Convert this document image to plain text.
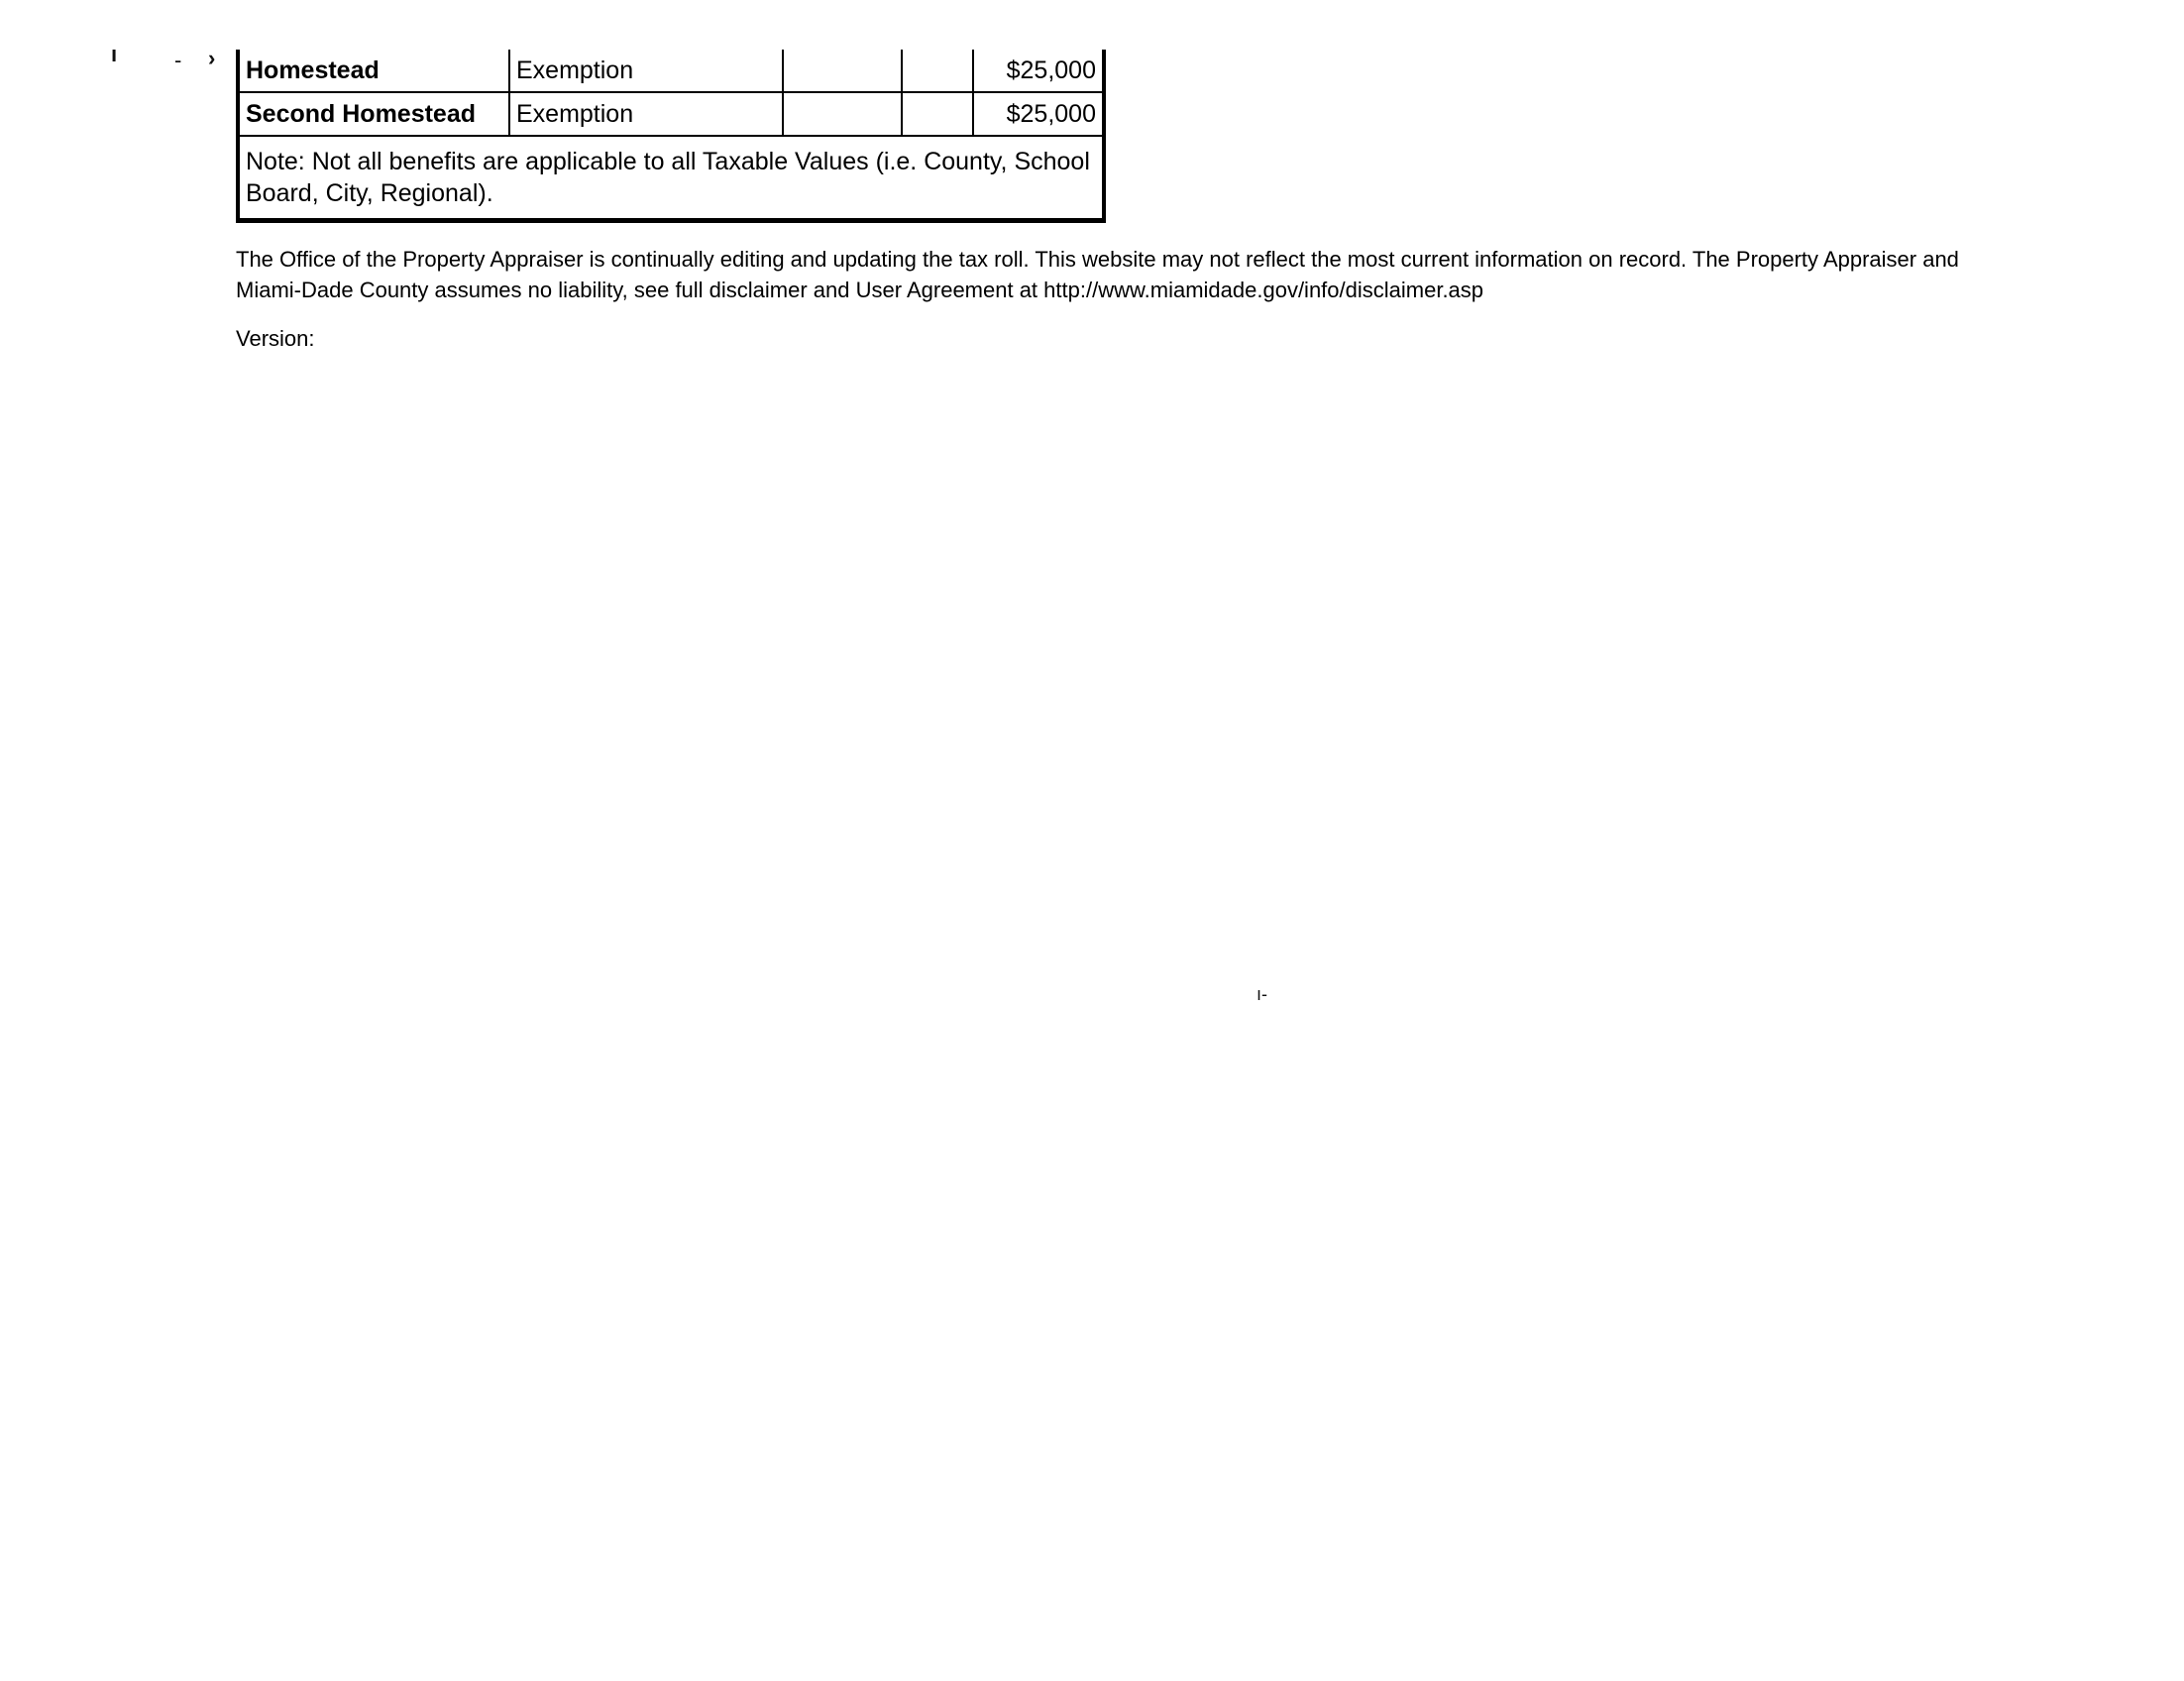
ı	- ›
ı-
Homestead	Exemption			$25,000
Second Homestead	Exemption			$25,000
Note: Not all benefits are applicable to all Taxable Values (i.e. County, School Board, City, Regional).				

The Office of the Property Appraiser is continually editing and updating the tax roll. This website may not reflect the most current information on record. The Property Appraiser and Miami-Dade County assumes no liability, see full disclaimer and User Agreement at http://www.miamidade.gov/info/disclaimer.asp

Version:
